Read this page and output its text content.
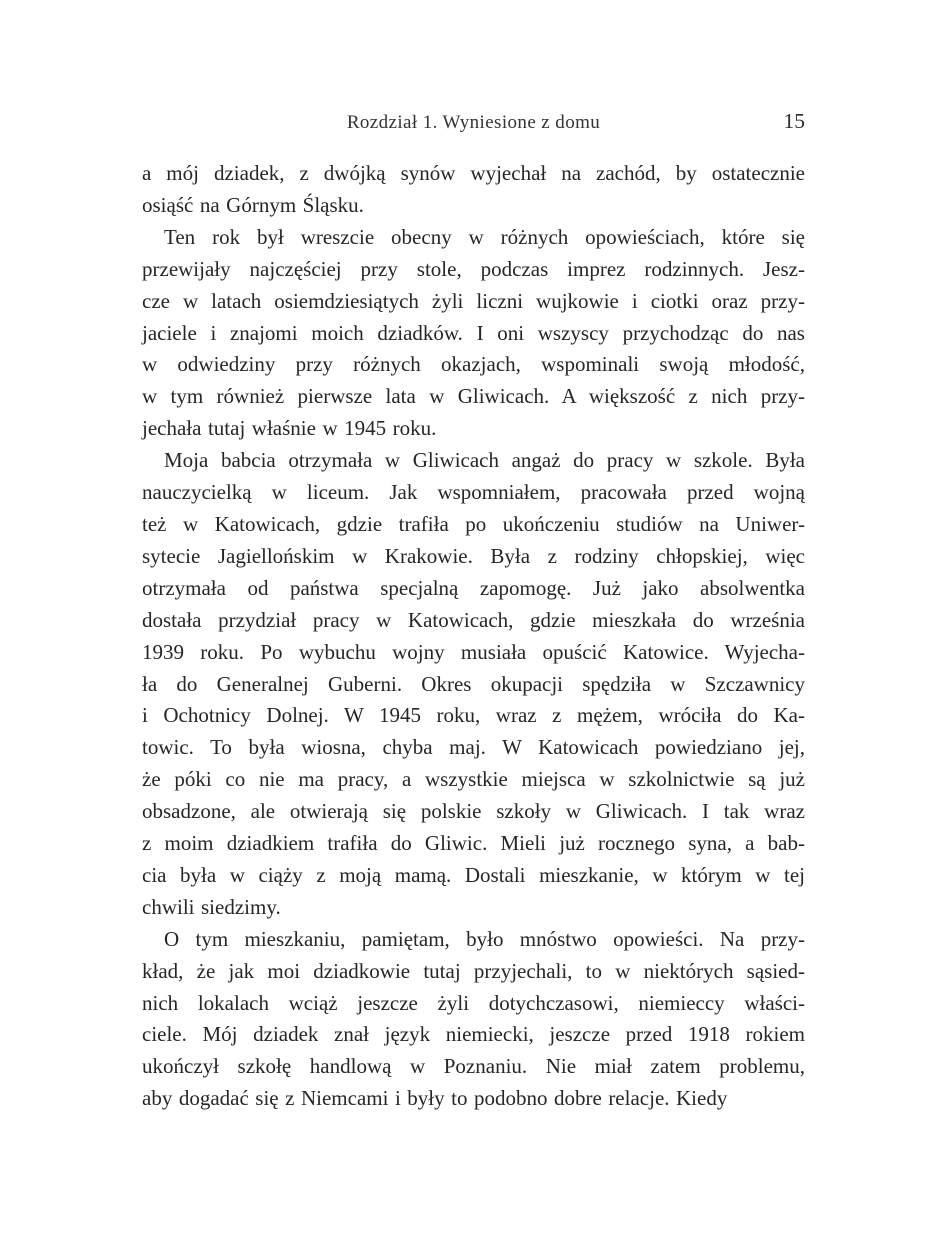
Rozdział 1. Wyniesione z domu	15
a mój dziadek, z dwójką synów wyjechał na zachód, by ostatecznie
osiąść na Górnym Śląsku.
Ten rok był wreszcie obecny w różnych opowieściach, które się
przewijały najczęściej przy stole, podczas imprez rodzinnych. Jesz-
cze w latach osiemdziesiątych żyli liczni wujkowie i ciotki oraz przy-
jaciele i znajomi moich dziadków. I oni wszyscy przychodząc do nas
w odwiedziny przy różnych okazjach, wspominali swoją młodość,
w tym również pierwsze lata w Gliwicach. A większość z nich przy-
jechała tutaj właśnie w 1945 roku.
Moja babcia otrzymała w Gliwicach angaż do pracy w szkole. Była
nauczycielką w liceum. Jak wspomniałem, pracowała przed wojną
też w Katowicach, gdzie trafiła po ukończeniu studiów na Uniwer-
sytecie Jagiellońskim w Krakowie. Była z rodziny chłopskiej, więc
otrzymała od państwa specjalną zapomogę. Już jako absolwentka
dostała przydział pracy w Katowicach, gdzie mieszkała do września
1939 roku. Po wybuchu wojny musiała opuścić Katowice. Wyjecha-
ła do Generalnej Guberni. Okres okupacji spędziła w Szczawnicy
i Ochotnicy Dolnej. W 1945 roku, wraz z mężem, wróciła do Ka-
towic. To była wiosna, chyba maj. W Katowicach powiedziano jej,
że póki co nie ma pracy, a wszystkie miejsca w szkolnictwie są już
obsadzone, ale otwierają się polskie szkoły w Gliwicach. I tak wraz
z moim dziadkiem trafiła do Gliwic. Mieli już rocznego syna, a bab-
cia była w ciąży z moją mamą. Dostali mieszkanie, w którym w tej
chwili siedzimy.
O tym mieszkaniu, pamiętam, było mnóstwo opowieści. Na przy-
kład, że jak moi dziadkowie tutaj przyjechali, to w niektórych sąsied-
nich lokalach wciąż jeszcze żyli dotychczasowi, niemieccy właści-
ciele. Mój dziadek znał język niemiecki, jeszcze przed 1918 rokiem
ukończył szkołę handlową w Poznaniu. Nie miał zatem problemu,
aby dogadać się z Niemcami i były to podobno dobre relacje. Kiedy
